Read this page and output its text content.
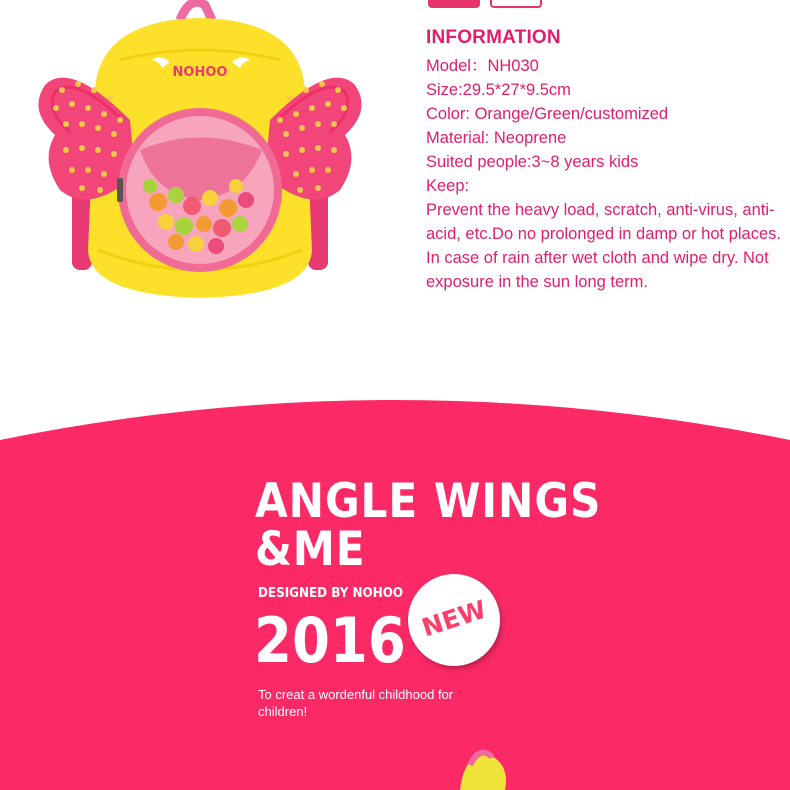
NOHOO
INFORMATION

Model：NH030

Size:29.5*27*9.5cm

Color: Orange/Green/customized

Material: Neoprene

Suited people:3~8 years kids

Keep:

Prevent the heavy load, scratch, anti-virus, anti-acid, etc.Do no prolonged in damp or hot places. In case of rain after wet cloth and wipe dry. Not exposure in the sun long term.

ANGLE WINGS
&ME
DESIGNED BY NOHOO
2016 NEW
To creat a wordenful childhood for children!
